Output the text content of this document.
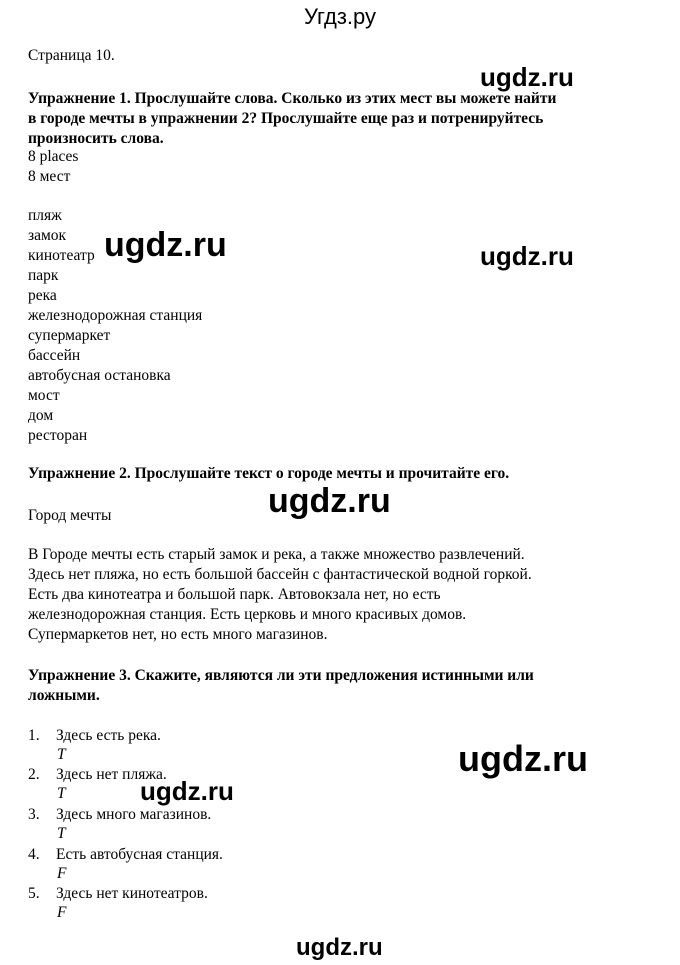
Угдз.ру
Страница 10.
ugdz.ru
ugdz.ru	ugdz.ru
ugdz.ru
ugdz.ru
ugdz.ru
ugdz.ru
Упражнение 1. Прослушайте слова. Сколько из этих мест вы можете найти
в городе мечты в упражнении 2? Прослушайте еще раз и потренируйтесь
произносить слова.
8 places
8 мест
пляж
замок
кинотеатр
парк
река
железнодорожная станция
супермаркет
бассейн
автобусная остановка
мост
дом
ресторан
Упражнение 2. Прослушайте текст о городе мечты и прочитайте его.
Город мечты
В Городе мечты есть старый замок и река, а также множество развлечений.
Здесь нет пляжа, но есть большой бассейн с фантастической водной горкой.
Есть два кинотеатра и большой парк. Автовокзала нет, но есть
железнодорожная станция. Есть церковь и много красивых домов.
Супермаркетов нет, но есть много магазинов.
Упражнение 3. Скажите, являются ли эти предложения истинными или
ложными.
1. Здесь есть река.
T
2. Здесь нет пляжа.
T
3. Здесь много магазинов.
T
4. Есть автобусная станция.
F
5. Здесь нет кинотеатров.
F
